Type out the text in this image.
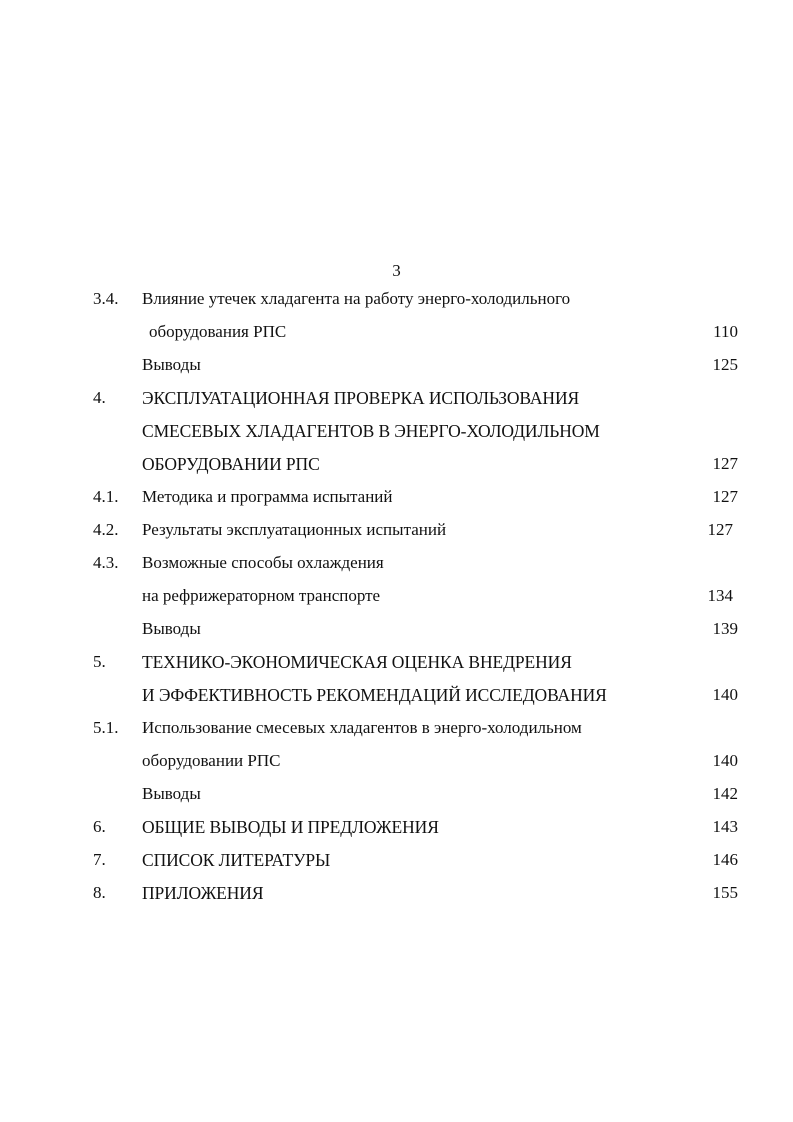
3
3.4. Влияние утечек хладагента на работу энерго-холодильного
оборудования РПС	110
Выводы	125
4. ЭКСПЛУАТАЦИОННАЯ ПРОВЕРКА ИСПОЛЬЗОВАНИЯ
СМЕСЕВЫХ ХЛАДАГЕНТОВ В ЭНЕРГО-ХОЛОДИЛЬНОМ
ОБОРУДОВАНИИ РПС	127
4.1. Методика и программа испытаний	127
4.2. Результаты эксплуатационных испытаний	127
4.3. Возможные способы охлаждения
на рефрижераторном транспорте	134
Выводы	139
5. ТЕХНИКО-ЭКОНОМИЧЕСКАЯ ОЦЕНКА ВНЕДРЕНИЯ
И ЭФФЕКТИВНОСТЬ РЕКОМЕНДАЦИЙ ИССЛЕДОВАНИЯ	140
5.1. Использование смесевых хладагентов в энерго-холодильном
оборудовании РПС	140
Выводы	142
6. ОБЩИЕ ВЫВОДЫ И ПРЕДЛОЖЕНИЯ	143
7. СПИСОК ЛИТЕРАТУРЫ	146
8. ПРИЛОЖЕНИЯ	155
